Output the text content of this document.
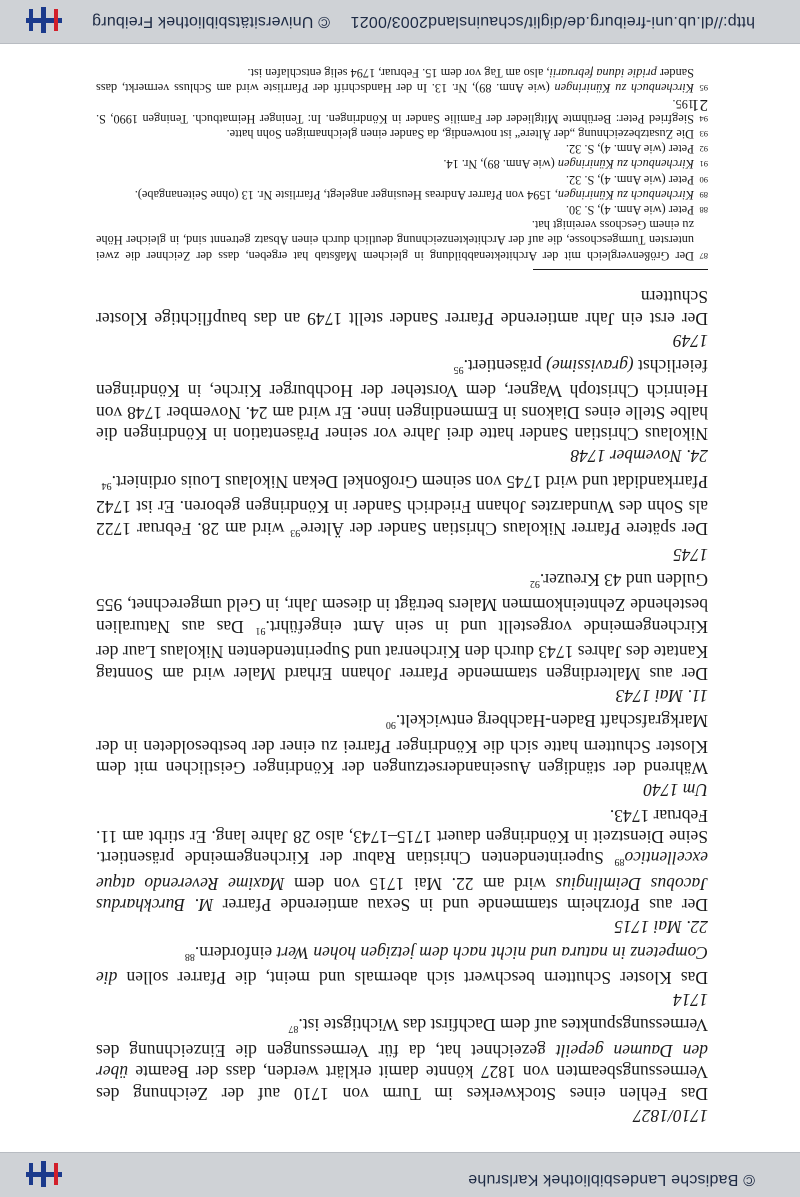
© Badische Landesbibliothek Karlsruhe

1710/1827

Das Fehlen eines Stockwerkes im Turm von 1710 auf der Zeichnung des Vermessungsbeamten von 1827 könnte damit erklärt werden, dass der Beamte über den Daumen gepeilt gezeichnet hat, da für Vermessungen die Einzeichnung des Vermessungspunktes auf dem Dachfirst das Wichtigste ist.$^{87}$

1714

Das Kloster Schuttern beschwert sich abermals und meint, die Pfarrer sollen die Competenz in natura und nicht nach dem jetzigen hohen Wert einfordern.$^{88}$

22. Mai 1715

Der aus Pforzheim stammende und in Sexau amtierende Pfarrer M. Burckhardus Jacobus Deimlingius wird am 22. Mai 1715 von dem Maxime Reverendo atque excellentico$^{89}$ Superintendenten Christian Rabur der Kirchengemeinde präsentiert. Seine Dienstzeit in Köndringen dauert 1715–1743, also 28 Jahre lang. Er stirbt am 11. Februar 1743.

Um 1740

Während der ständigen Auseinandersetzungen der Köndringer Geistlichen mit dem Kloster Schuttern hatte sich die Köndringer Pfarrei zu einer der bestbesoldeten in der Markgrafschaft Baden-Hachberg entwickelt.$^{90}$

11. Mai 1743

Der aus Malterdingen stammende Pfarrer Johann Erhard Maler wird am Sonntag Kantate des Jahres 1743 durch den Kirchenrat und Superintendenten Nikolaus Laur der Kirchengemeinde vorgestellt und in sein Amt eingeführt.$^{91}$ Das aus Naturalien bestehende Zehnteinkommen Malers beträgt in diesem Jahr, in Geld umgerechnet, 955 Gulden und 43 Kreuzer.$^{92}$

1745

Der spätere Pfarrer Nikolaus Christian Sander der Ältere$^{93}$ wird am 28. Februar 1722 als Sohn des Wundarztes Johann Friedrich Sander in Köndringen geboren. Er ist 1742 Pfarrkandidat und wird 1745 von seinem Großonkel Dekan Nikolaus Louis ordiniert.$^{94}$

24. November 1748

Nikolaus Christian Sander hatte drei Jahre vor seiner Präsentation in Köndringen die halbe Stelle eines Diakons in Emmendingen inne. Er wird am 24. November 1748 von Heinrich Christoph Wagner, dem Vorsteher der Hochburger Kirche, in Köndringen feierlichst (gravissime) präsentiert.$^{95}$

1749

Der erst ein Jahr amtierende Pfarrer Sander stellt 1749 an das baupflichtige Kloster Schuttern

87Der Größenvergleich mit der Architektenabbildung in gleichem Maßstab hat ergeben, dass der Zeichner die zwei untersten Turmgeschosse, die auf der Architektenzeichnung deutlich durch einen Absatz getrennt sind, in gleicher Höhe zu einem Geschoss vereinigt hat.

88Peter (wie Anm. 4), S. 30.

89Kirchenbuch zu Küniringen, 1594 von Pfarrer Andreas Heusinger angelegt, Pfarrliste Nr. 13 (ohne Seitenangabe).

90Peter (wie Anm. 4), S. 32.

91Kirchenbuch zu Küniringen (wie Anm. 89), Nr. 14.

92Peter (wie Anm. 4), S. 32.

93Die Zusatzbezeichnung „der Ältere“ ist notwendig, da Sander einen gleichnamigen Sohn hatte.

94Siegfried Peter: Berühmte Mitglieder der Familie Sander in Köndringen. In: Teninger Heimatbuch. Teningen 1990, S. 195.

95Kirchenbuch zu Küniringen (wie Anm. 89), Nr. 13. In der Handschrift der Pfarrliste wird am Schluss vermerkt, dass Sander pridie iduna februarii, also am Tag vor dem 15. Februar, 1794 selig entschlafen ist.

21
http://dl.ub.uni-freiburg.de/diglit/schauinsland2003/0021
© Universitätsbibliothek Freiburg
